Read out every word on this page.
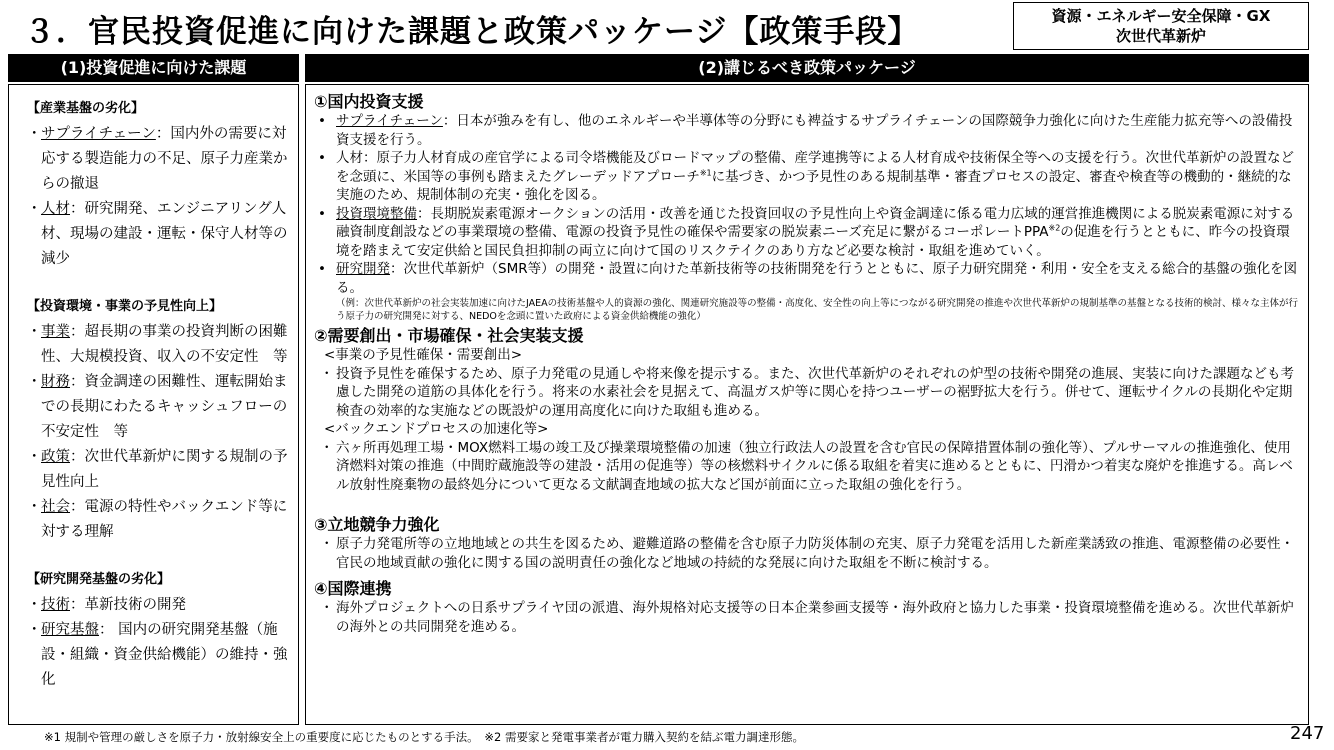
３．官民投資促進に向けた課題と政策パッケージ【政策手段】	資源・エネルギー安全保障・GX
次世代革新炉
(1)投資促進に向けた課題	(2)講じるべき政策パッケージ
【産業基盤の劣化】
・ サプライチェーン：国内外の需要に対応する製造能力の不足、原子力産業からの撤退
・ 人材：研究開発、エンジニアリング人材、現場の建設・運転・保守人材等の減少
【投資環境・事業の予見性向上】
・ 事業：超長期の事業の投資判断の困難性、大規模投資、収入の不安定性　等
・ 財務：資金調達の困難性、運転開始までの長期にわたるキャッシュフローの不安定性　等
・ 政策：次世代革新炉に関する規制の予見性向上
・ 社会：電源の特性やバックエンド等に対する理解
【研究開発基盤の劣化】
・ 技術：革新技術の開発
・ 研究基盤： 国内の研究開発基盤（施設・組織・資金供給機能）の維持・強化
①国内投資支援
• サプライチェーン：日本が強みを有し、他のエネルギーや半導体等の分野にも裨益するサプライチェーンの国際競争力強化に向けた生産能力拡充等への設備投資支援を行う。
• 人材：原子力人材育成の産官学による司令塔機能及びロードマップの整備、産学連携等による人材育成や技術保全等への支援を行う。次世代革新炉の設置などを念頭に、米国等の事例も踏まえたグレーデッドアプローチ$^{※1}$に基づき、かつ予見性のある規制基準・審査プロセスの設定、審査や検査等の機動的・継続的な実施のため、規制体制の充実・強化を図る。
• 投資環境整備：長期脱炭素電源オークションの活用・改善を通じた投資回収の予見性向上や資金調達に係る電力広域的運営推進機関による脱炭素電源に対する融資制度創設などの事業環境の整備、電源の投資予見性の確保や需要家の脱炭素ニーズ充足に繋がるコーポレートPPA$^{※2}$の促進を行うとともに、昨今の投資環境を踏まえて安定供給と国民負担抑制の両立に向けて国のリスクテイクのあり方など必要な検討・取組を進めていく。
• 研究開発：次世代革新炉（SMR等）の開発・設置に向けた革新技術等の技術開発を行うとともに、原子力研究開発・利用・安全を支える総合的基盤の強化を図る。
（例：次世代革新炉の社会実装加速に向けたJAEAの技術基盤や人的資源の強化、関連研究施設等の整備・高度化、安全性の向上等につながる研究開発の推進や次世代革新炉の規制基準の基盤となる技術的検討、様々な主体が行う原子力の研究開発に対する、NEDOを念頭に置いた政府による資金供給機能の強化）
②需要創出・市場確保・社会実装支援
<事業の予見性確保・需要創出>
・ 投資予見性を確保するため、原子力発電の見通しや将来像を提示する。また、次世代革新炉のそれぞれの炉型の技術や開発の進展、実装に向けた課題なども考慮した開発の道筋の具体化を行う。将来の水素社会を見据えて、高温ガス炉等に関心を持つユーザーの裾野拡大を行う。併せて、運転サイクルの長期化や定期検査の効率的な実施などの既設炉の運用高度化に向けた取組も進める。
<バックエンドプロセスの加速化等>
・ 六ヶ所再処理工場・MOX燃料工場の竣工及び操業環境整備の加速（独立行政法人の設置を含む官民の保障措置体制の強化等）、プルサーマルの推進強化、使用済燃料対策の推進（中間貯蔵施設等の建設・活用の促進等）等の核燃料サイクルに係る取組を着実に進めるとともに、円滑かつ着実な廃炉を推進する。高レベル放射性廃棄物の最終処分について更なる文献調査地域の拡大など国が前面に立った取組の強化を行う。
③立地競争力強化
・ 原子力発電所等の立地地域との共生を図るため、避難道路の整備を含む原子力防災体制の充実、原子力発電を活用した新産業誘致の推進、電源整備の必要性・官民の地域貢献の強化に関する国の説明責任の強化など地域の持続的な発展に向けた取組を不断に検討する。
④国際連携
・ 海外プロジェクトへの日系サプライヤ団の派遣、海外規格対応支援等の日本企業参画支援等・海外政府と協力した事業・投資環境整備を進める。次世代革新炉の海外との共同開発を進める。
※1 規制や管理の厳しさを原子力・放射線安全上の重要度に応じたものとする手法。　※2 需要家と発電事業者が電力購入契約を結ぶ電力調達形態。	247
